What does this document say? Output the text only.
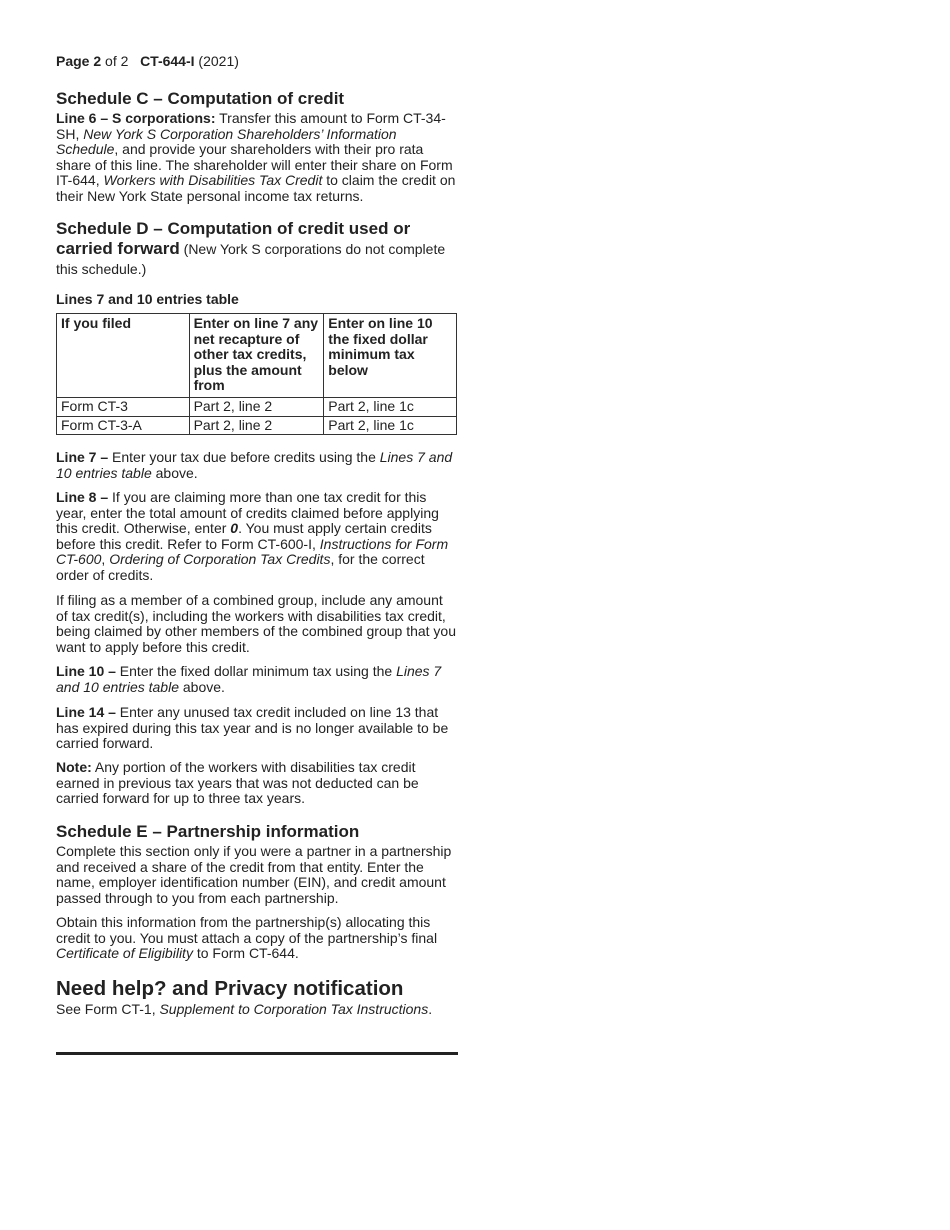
Page 2 of 2 CT-644-I (2021)
Schedule C – Computation of credit

Line 6 – S corporations: Transfer this amount to Form CT-34-SH, New York S Corporation Shareholders’ Information Schedule, and provide your shareholders with their pro rata share of this line. The shareholder will enter their share on Form IT-644, Workers with Disabilities Tax Credit to claim the credit on their New York State personal income tax returns.

Schedule D – Computation of credit used or carried forward (New York S corporations do not complete this schedule.)
Lines 7 and 10 entries table
If you filed	Enter on line 7 any net recapture of other tax credits, plus the amount from	Enter on line 10 the fixed dollar minimum tax below
Form CT-3	Part 2, line 2	Part 2, line 1c
Form CT-3-A	Part 2, line 2	Part 2, line 1c

Line 7 – Enter your tax due before credits using the Lines 7 and 10 entries table above.

Line 8 – If you are claiming more than one tax credit for this year, enter the total amount of credits claimed before applying this credit. Otherwise, enter 0. You must apply certain credits before this credit. Refer to Form CT-600-I, Instructions for Form CT-600, Ordering of Corporation Tax Credits, for the correct order of credits.

If filing as a member of a combined group, include any amount of tax credit(s), including the workers with disabilities tax credit, being claimed by other members of the combined group that you want to apply before this credit.

Line 10 – Enter the fixed dollar minimum tax using the Lines 7 and 10 entries table above.

Line 14 – Enter any unused tax credit included on line 13 that has expired during this tax year and is no longer available to be carried forward.

Note: Any portion of the workers with disabilities tax credit earned in previous tax years that was not deducted can be carried forward for up to three tax years.

Schedule E – Partnership information

Complete this section only if you were a partner in a partnership and received a share of the credit from that entity. Enter the name, employer identification number (EIN), and credit amount passed through to you from each partnership.

Obtain this information from the partnership(s) allocating this credit to you. You must attach a copy of the partnership’s final Certificate of Eligibility to Form CT-644.

Need help? and Privacy notification

See Form CT-1, Supplement to Corporation Tax Instructions.
